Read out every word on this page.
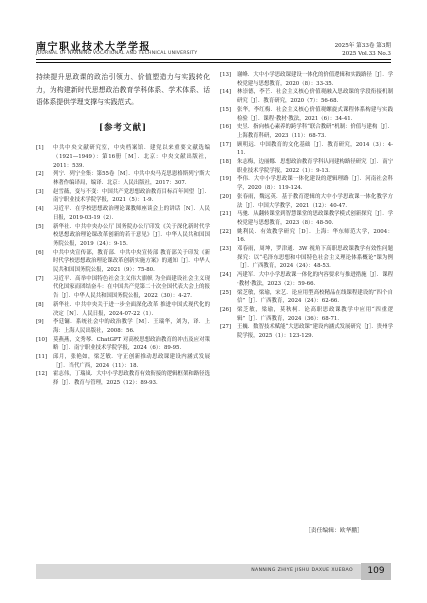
南宁职业技术大学学报
JOURNAL OF NANNING VOCATIONAL AND TECHNICAL UNIVERSITY
2025年 第33卷 第3期
2025 Vol.33 No.3

持续提升思政课的政治引领力、价值塑造力与实践转化力，为构建新时代思想政治教育学科体系、学术体系、话语体系提供学理支撑与实践范式。

[参考文献]
[1]	中共中央文献研究室，中央档案馆．建党以来重要文献选编（1921—1949）：第16册［M］．北京：中央文献出版社，2011：539．
[2]	列宁．列宁全集：第55卷［M］．中共中央马克思恩格斯列宁斯大林著作编译局，编译．北京：人民出版社，2017：307．
[3]	赵雪薇，变与不变：中国共产党思想政治教育目标百年回望［J］．南宁职业技术学院学报，2021（5）：1-9．
[4]	习近平．在学校思想政治理论课教师座谈会上的讲话［N］．人民日报，2019-03-19（2）．
[5]	新华社．中共中央办公厅 国务院办公厅印发《关于深化新时代学校思想政治理论课改革创新的若干意见》［J］．中华人民共和国国务院公报，2019（24）：9-15．
[6]	中共中央宣传部，教育部．中共中央宣传部 教育部关于印发《新时代学校思想政治理论课改革创新实施方案》的通知［J］．中华人民共和国国务院公报，2021（9）：75-80．
[7]	习近平．高举中国特色社会主义伟大旗帜 为全面建设社会主义现代化国家而团结奋斗：在中国共产党第二十次全国代表大会上的报告［J］．中华人民共和国国务院公报，2022（30）：4-27．
[8]	新华社．中共中央关于进一步全面深化改革 推进中国式现代化的决定［N］．人民日报，2024-07-22（1）．
[9]	李廷镛．系统社会中的政治教学［M］．王瑞华，刘为，译．上海：上海人民出版社，2008：56．
[10]	莫燕燕，文秀琴．ChatGPT 对高校思想政治教育的冲击及应对策略［J］．南宁职业技术学院学报，2024（6）：89-95．
[11]	邱月，张艳如，梁芝敏．守正创新推动思政课建设内涵式发展［J］．当代广西，2024（11）：18．
[12]	霍志伟，丁瑞岚．大中小学思政教育有效衔接的逻辑框架和路径选择［J］．教育与管理，2025（12）：89-93．
[13]	谢峰．大中小学思政课建设一体化的价值逻辑和实践路径［J］．学校党建与思想教育，2020（8）：33-35．
[14]	林崇德，李芒．社会主义核心价值观融入思政课的学段衔接机制研究［J］．教育研究，2020（7）：56-68．
[15]	张华，李红梅．社会主义核心价值观螺旋式课程体系构建与实践检验［J］．课程·教材·教法，2021（6）：34-41．
[16]	史昱．指向核心素养的跨学科“联合教研”机制：价值与建构［J］．上海教育科研，2023（11）：68-73．
[17]	顾明远．中国教育的文化基础［J］．教育研究，2014（3）：4-11．
[18]	朱志梅，边丽娜．思想政治教育学科认同建构路径研究［J］．南宁职业技术学院学报，2022（1）：9-13．
[19]	李伟．大中小学思政课一体化建设的逻辑理路［J］．河南社会科学，2020（8）：119-124．
[20]	张春雨，魏远英．基于教育逻辑的大中小学思政课一体化教学方法［J］．中国大学教学，2021（12）：40-47．
[21]	马驰．从翻转课堂到智慧课堂的思政课教学模式创新探究［J］．学校党建与思想教育，2023（8）：48-50．
[22]	姚利民．有效教学研究［D］．上海：华东师范大学，2004：16．
[23]	邓春雨，周坤，罗津通．3W 视角下高职思政课教学有效性问题探究：以“毛泽东思想和中国特色社会主义理论体系概论”课为例［J］．广西教育，2024（24）：48-53．
[24]	冯建军．大中小学思政课一体化的内容要求与推进措施［J］．课程·教材·教法，2023（2）：59-66．
[25]	梁芝敏，梁瑜，宋艺．论应用型高校精品在线课程建设的“四个自信”［J］．广西教育，2024（24）：62-66．
[26]	梁芝敏，梁瑜，莫秋柯．论高职思政课教学中应用“四重逻辑”［J］．广西教育，2024（36）：68-71．
[27]	王巍．数智技术赋能“大思政课”建设内涵式发展研究［J］．贵州学院学报，2025（1）：123-129．
［责任编辑：欧华鹏］
NANNING ZHIYE JISHU DAXUE XUEBAO	109
